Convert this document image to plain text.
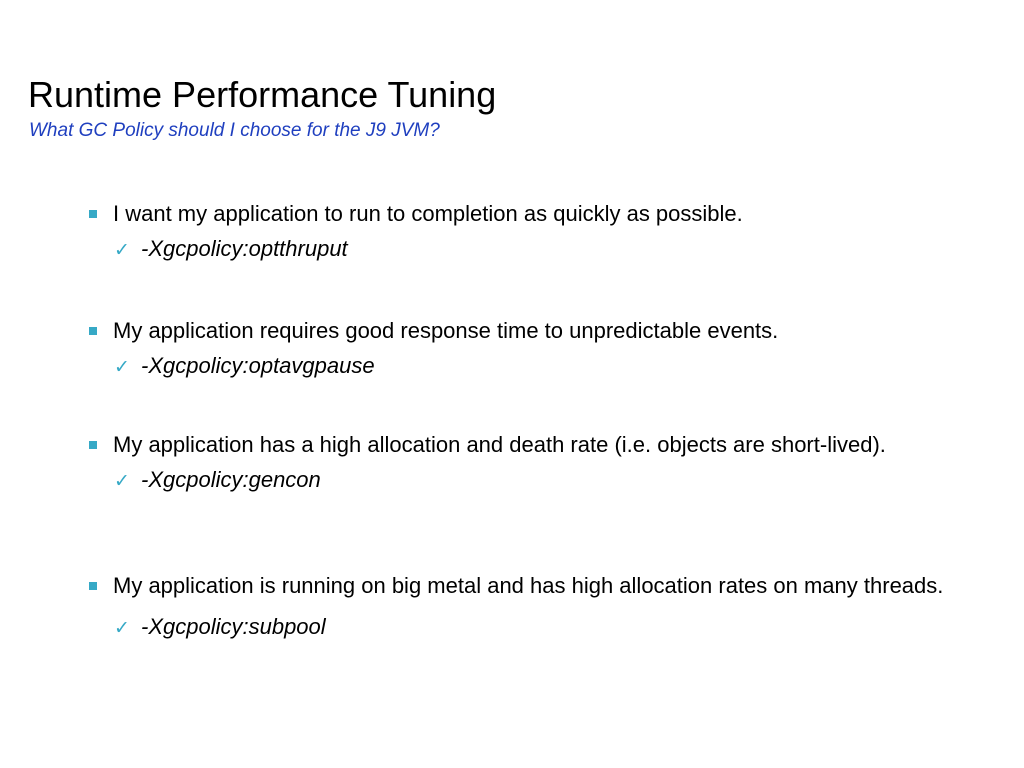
Runtime Performance Tuning
What GC Policy should I choose for the J9 JVM?
I want my application to run to completion as quickly as possible.
✓ -Xgcpolicy:optthruput
My application requires good response time to unpredictable events.
✓ -Xgcpolicy:optavgpause
My application has a high allocation and death rate (i.e. objects are short-lived).
✓ -Xgcpolicy:gencon
My application is running on big metal and has high allocation rates on many threads.
✓ -Xgcpolicy:subpool
